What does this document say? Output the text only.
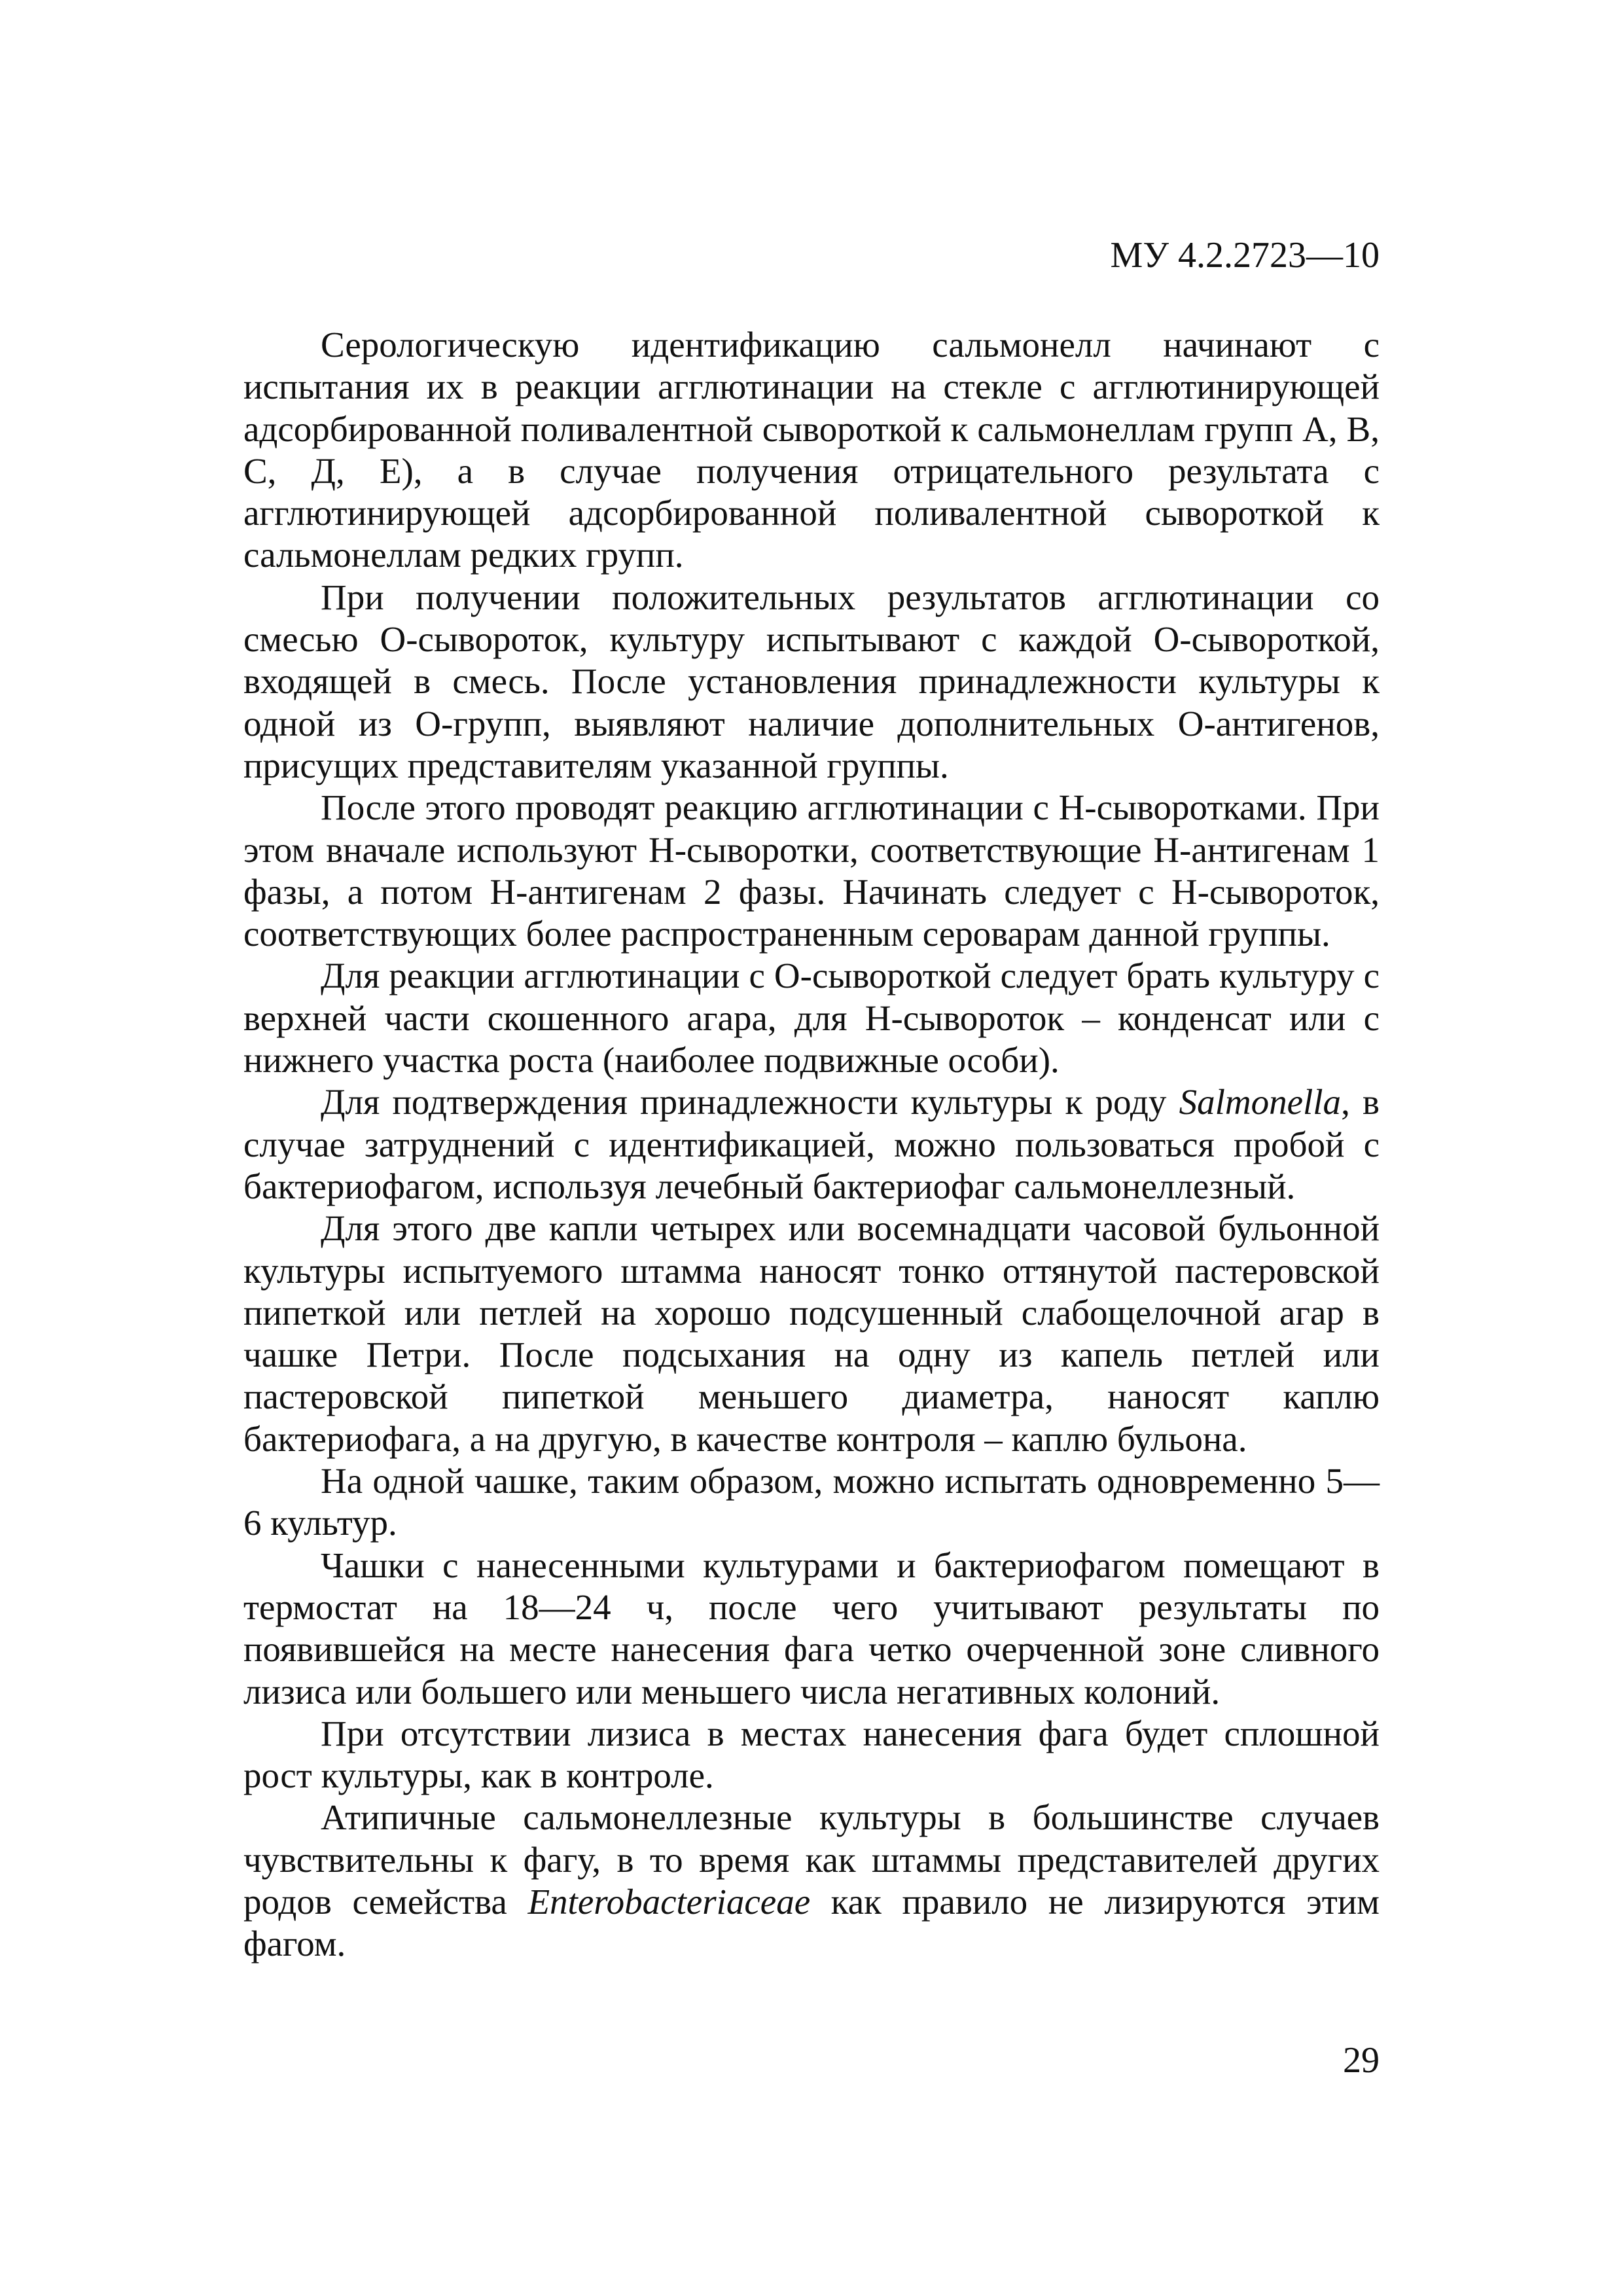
МУ 4.2.2723—10

Серологическую идентификацию сальмонелл начинают с испытания их в реакции агглютинации на стекле с агглютинирующей адсорбированной поливалентной сывороткой к сальмонеллам групп А, В, С, Д, Е), а в случае получения отрицательного результата с агглютинирующей адсорбированной поливалентной сывороткой к сальмонеллам редких групп.

При получении положительных результатов агглютинации со смесью О-сывороток, культуру испытывают с каждой О-сывороткой, входящей в смесь. После установления принадлежности культуры к одной из О-групп, выявляют наличие дополнительных О-антигенов, присущих представителям указанной группы.

После этого проводят реакцию агглютинации с Н-сыворотками. При этом вначале используют Н-сыворотки, соответствующие Н-антигенам 1 фазы, а потом Н-антигенам 2 фазы. Начинать следует с Н-сывороток, соответствующих более распространенным сероварам данной группы.

Для реакции агглютинации с О-сывороткой следует брать культуру с верхней части скошенного агара, для Н-сывороток – конденсат или с нижнего участка роста (наиболее подвижные особи).

Для подтверждения принадлежности культуры к роду Salmonella, в случае затруднений с идентификацией, можно пользоваться пробой с бактериофагом, используя лечебный бактериофаг сальмонеллезный.

Для этого две капли четырех или восемнадцати часовой бульонной культуры испытуемого штамма наносят тонко оттянутой пастеровской пипеткой или петлей на хорошо подсушенный слабощелочной агар в чашке Петри. После подсыхания на одну из капель петлей или пастеровской пипеткой меньшего диаметра, наносят каплю бактериофага, а на другую, в качестве контроля – каплю бульона.

На одной чашке, таким образом, можно испытать одновременно 5—6 культур.

Чашки с нанесенными культурами и бактериофагом помещают в термостат на 18—24 ч, после чего учитывают результаты по появившейся на месте нанесения фага четко очерченной зоне сливного лизиса или большего или меньшего числа негативных колоний.

При отсутствии лизиса в местах нанесения фага будет сплошной рост культуры, как в контроле.

Атипичные сальмонеллезные культуры в большинстве случаев чувствительны к фагу, в то время как штаммы представителей других родов семейства Enterobacteriaceae как правило не лизируются этим фагом.

29
